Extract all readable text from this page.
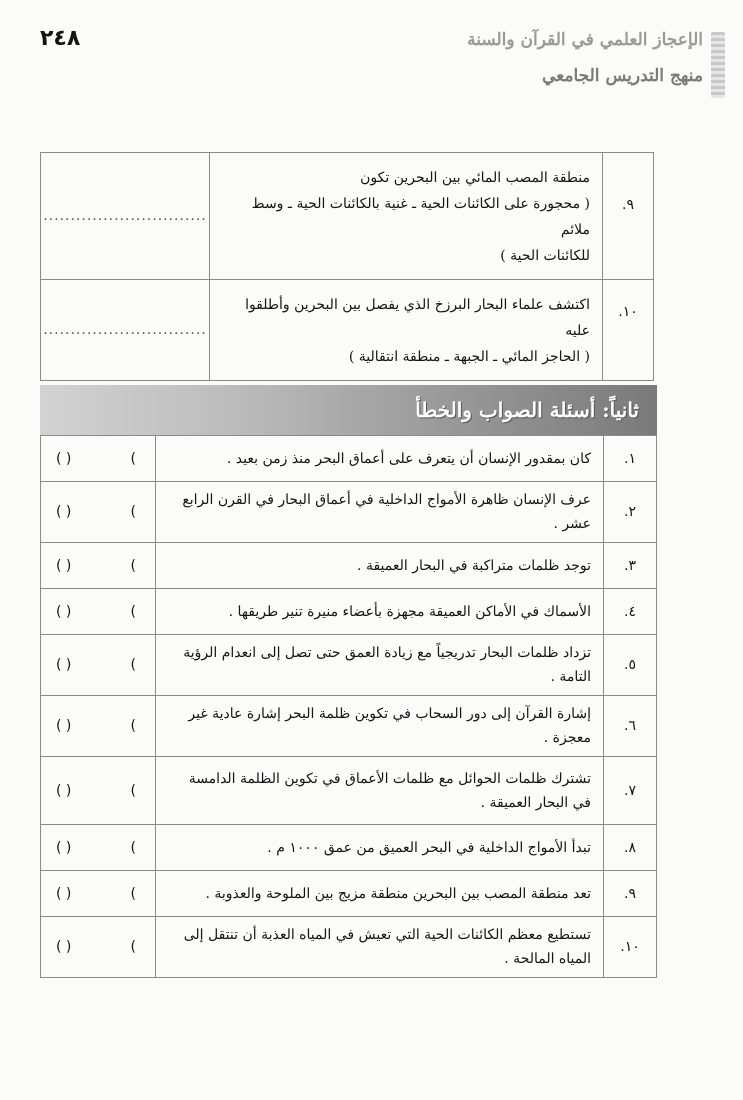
الإعجاز العلمي في القرآن والسنة
منهج التدريس الجامعي
٢٤٨
٩.	منطقة المصب المائي بين البحرين تكون
( محجورة على الكائنات الحية ـ غنية بالكائنات الحية ـ وسط ملائم
للكائنات الحية )	..............................
١٠.	اكتشف علماء البحار البرزخ الذي يفصل بين البحرين وأطلقوا عليه
( الحاجز المائي ـ الجبهة ـ منطقة انتقالية )	..............................
ثانياً: أسئلة الصواب والخطأ
١.	كان بمقدور الإنسان أن يتعرف على أعماق البحر منذ زمن بعيد .	( ) (

٢.	عرف الإنسان ظاهرة الأمواج الداخلية في أعماق البحار في القرن الرابع عشر .	( ) (

٣.	توجد ظلمات متراكبة في البحار العميقة .	( ) (

٤.	الأسماك في الأماكن العميقة مجهزة بأعضاء منيرة تنير طريقها .	( ) (

٥.	تزداد ظلمات البحار تدريجياً مع زيادة العمق حتى تصل إلى انعدام الرؤية التامة .	( ) (

٦.	إشارة القرآن إلى دور السحاب في تكوين ظلمة البحر إشارة عادية غير معجزة .	( ) (

٧.	تشترك ظلمات الحوائل مع ظلمات الأعماق في تكوين الظلمة الدامسة في البحار العميقة .	( ) (

٨.	تبدأ الأمواج الداخلية في البحر العميق من عمق ١٠٠٠ م .	( ) (

٩.	تعد منطقة المصب بين البحرين منطقة مزيج بين الملوحة والعذوبة .	( ) (

١٠.	تستطيع معظم الكائنات الحية التي تعيش في المياه العذبة أن تنتقل إلى المياه المالحة .	( ) (
